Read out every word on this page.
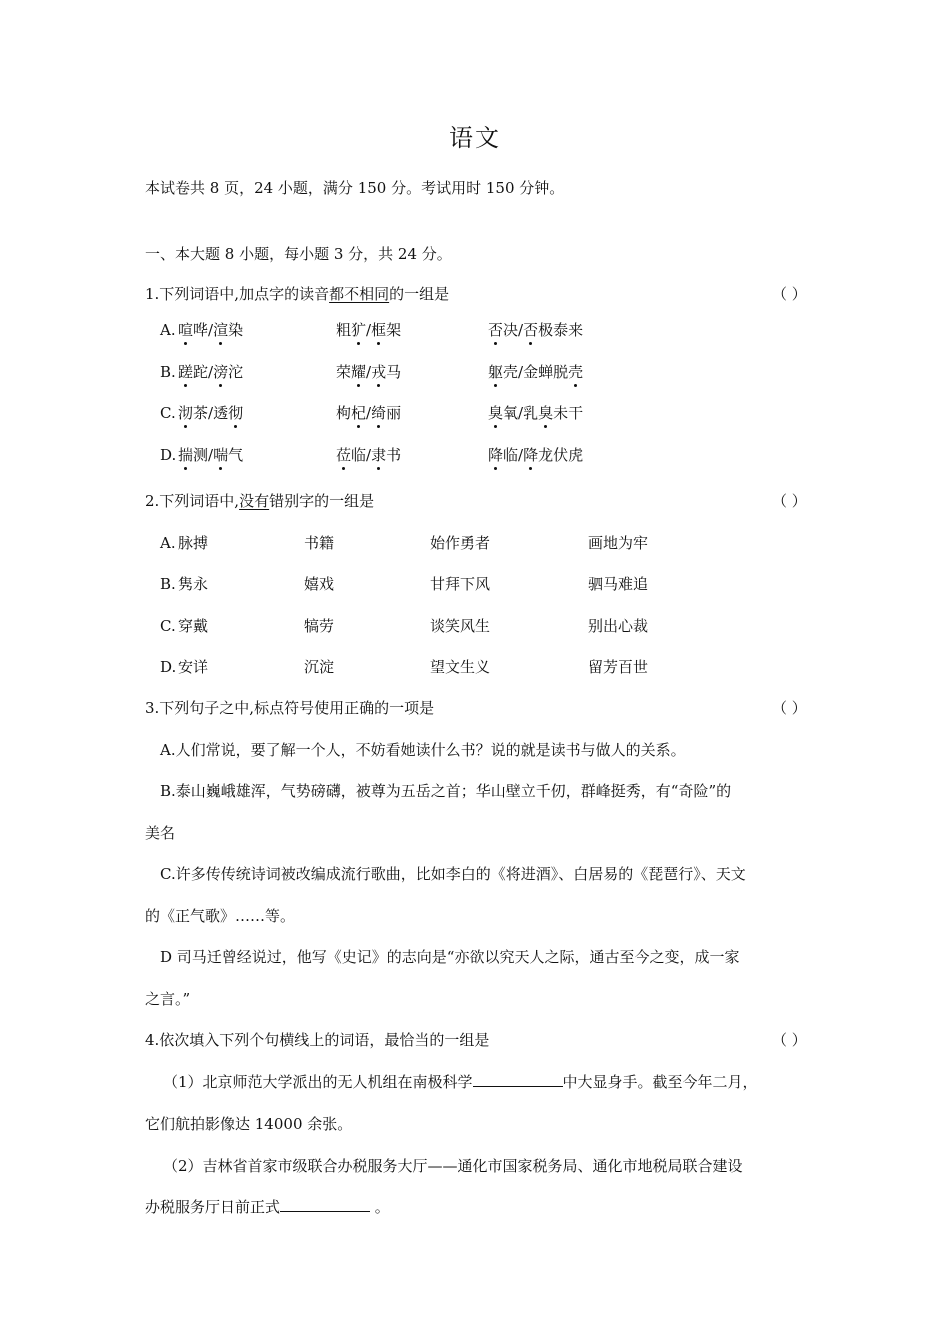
语文
本试卷共 8 页，24 小题，满分 150 分。考试用时 150 分钟。
一、本大题 8 小题，每小题 3 分，共 24 分。
1.下列词语中,加点字的读音都不相同的一组是	（ ）
A. 喧哗/渲染	粗犷/框架	否决/否极泰来
B. 蹉跎/滂沱	荣耀/戎马	躯壳/金蝉脱壳
C. 沏茶/透彻	枸杞/绮丽	臭氧/乳臭未干
D. 揣测/喘气	莅临/隶书	降临/降龙伏虎
2.下列词语中,没有错别字的一组是	（ ）
A. 脉搏	书籍	始作勇者	画地为牢
B. 隽永	嬉戏	甘拜下风	驷马难追
C. 穿戴	犒劳	谈笑风生	别出心裁
D. 安详	沉淀	望文生义	留芳百世
3.下列句子之中,标点符号使用正确的一项是	（ ）
A.人们常说，要了解一个人，不妨看她读什么书？说的就是读书与做人的关系。
B.泰山巍峨雄浑，气势磅礴，被尊为五岳之首；华山壁立千仞，群峰挺秀，有“奇险”的
美名
C.许多传传统诗词被改编成流行歌曲，比如李白的《将进酒》、白居易的《琵琶行》、天文
的《正气歌》……等。
D 司马迁曾经说过，他写《史记》的志向是“亦欲以究天人之际，通古至今之变，成一家
之言。”
4.依次填入下列个句横线上的词语，最恰当的一组是	（ ）
（1）北京师范大学派出的无人机组在南极科学	中大显身手。截至今年二月，
它们航拍影像达 14000 余张。
（2）吉林省首家市级联合办税服务大厅——通化市国家税务局、通化市地税局联合建设
办税服务厅日前正式	。
